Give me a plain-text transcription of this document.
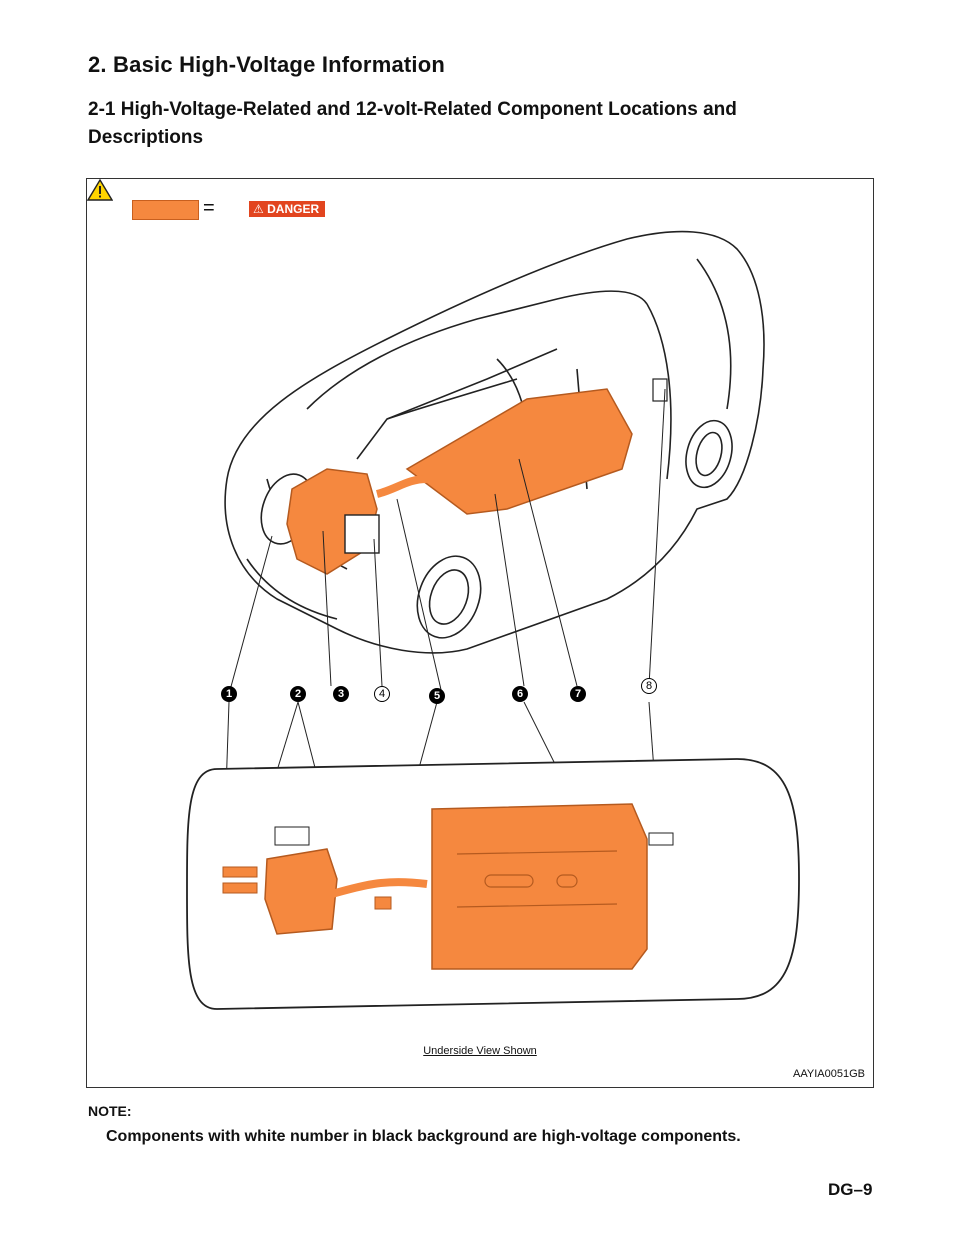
2. Basic High-Voltage Information
2-1 High-Voltage-Related and 12-volt-Related Component Locations and Descriptions
=	⚠ DANGER
1	2	3	4	5	6	7
8
Underside View Shown
AAYIA0051GB
NOTE:
Components with white number in black background are high-voltage components.
DG–9
